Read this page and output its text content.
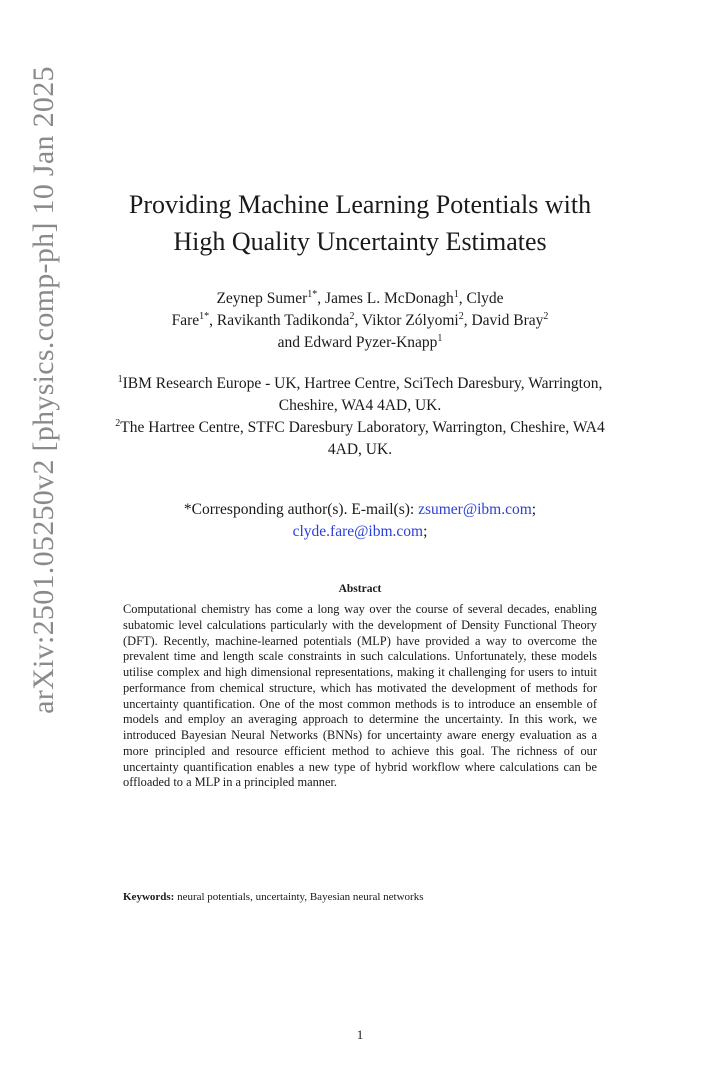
arXiv:2501.05250v2 [physics.comp-ph] 10 Jan 2025	Providing Machine Learning Potentials with
High Quality Uncertainty Estimates
Zeynep Sumer$^{1*}$, James L. McDonagh$^1$, Clyde
Fare$^{1*}$, Ravikanth Tadikonda$^2$, Viktor Zólyomi$^2$, David Bray$^2$
and Edward Pyzer-Knapp$^1$
$^1$IBM Research Europe - UK, Hartree Centre, SciTech Daresbury, Warrington, Cheshire, WA4 4AD, UK.
$^2$The Hartree Centre, STFC Daresbury Laboratory, Warrington, Cheshire, WA4 4AD, UK.
*Corresponding author(s). E-mail(s): zsumer@ibm.com;
clyde.fare@ibm.com;
Abstract
Computational chemistry has come a long way over the course of several decades, enabling subatomic level calculations particularly with the development of Density Functional Theory (DFT). Recently, machine-learned potentials (MLP) have provided a way to overcome the prevalent time and length scale constraints in such calculations. Unfortunately, these models utilise complex and high dimensional representations, making it challenging for users to intuit performance from chemical structure, which has motivated the development of methods for uncertainty quantification. One of the most common methods is to introduce an ensemble of models and employ an averaging approach to determine the uncertainty. In this work, we introduced Bayesian Neural Networks (BNNs) for uncertainty aware energy evaluation as a more principled and resource efficient method to achieve this goal. The richness of our uncertainty quantification enables a new type of hybrid workflow where calculations can be offloaded to a MLP in a principled manner.
Keywords: neural potentials, uncertainty, Bayesian neural networks
1
